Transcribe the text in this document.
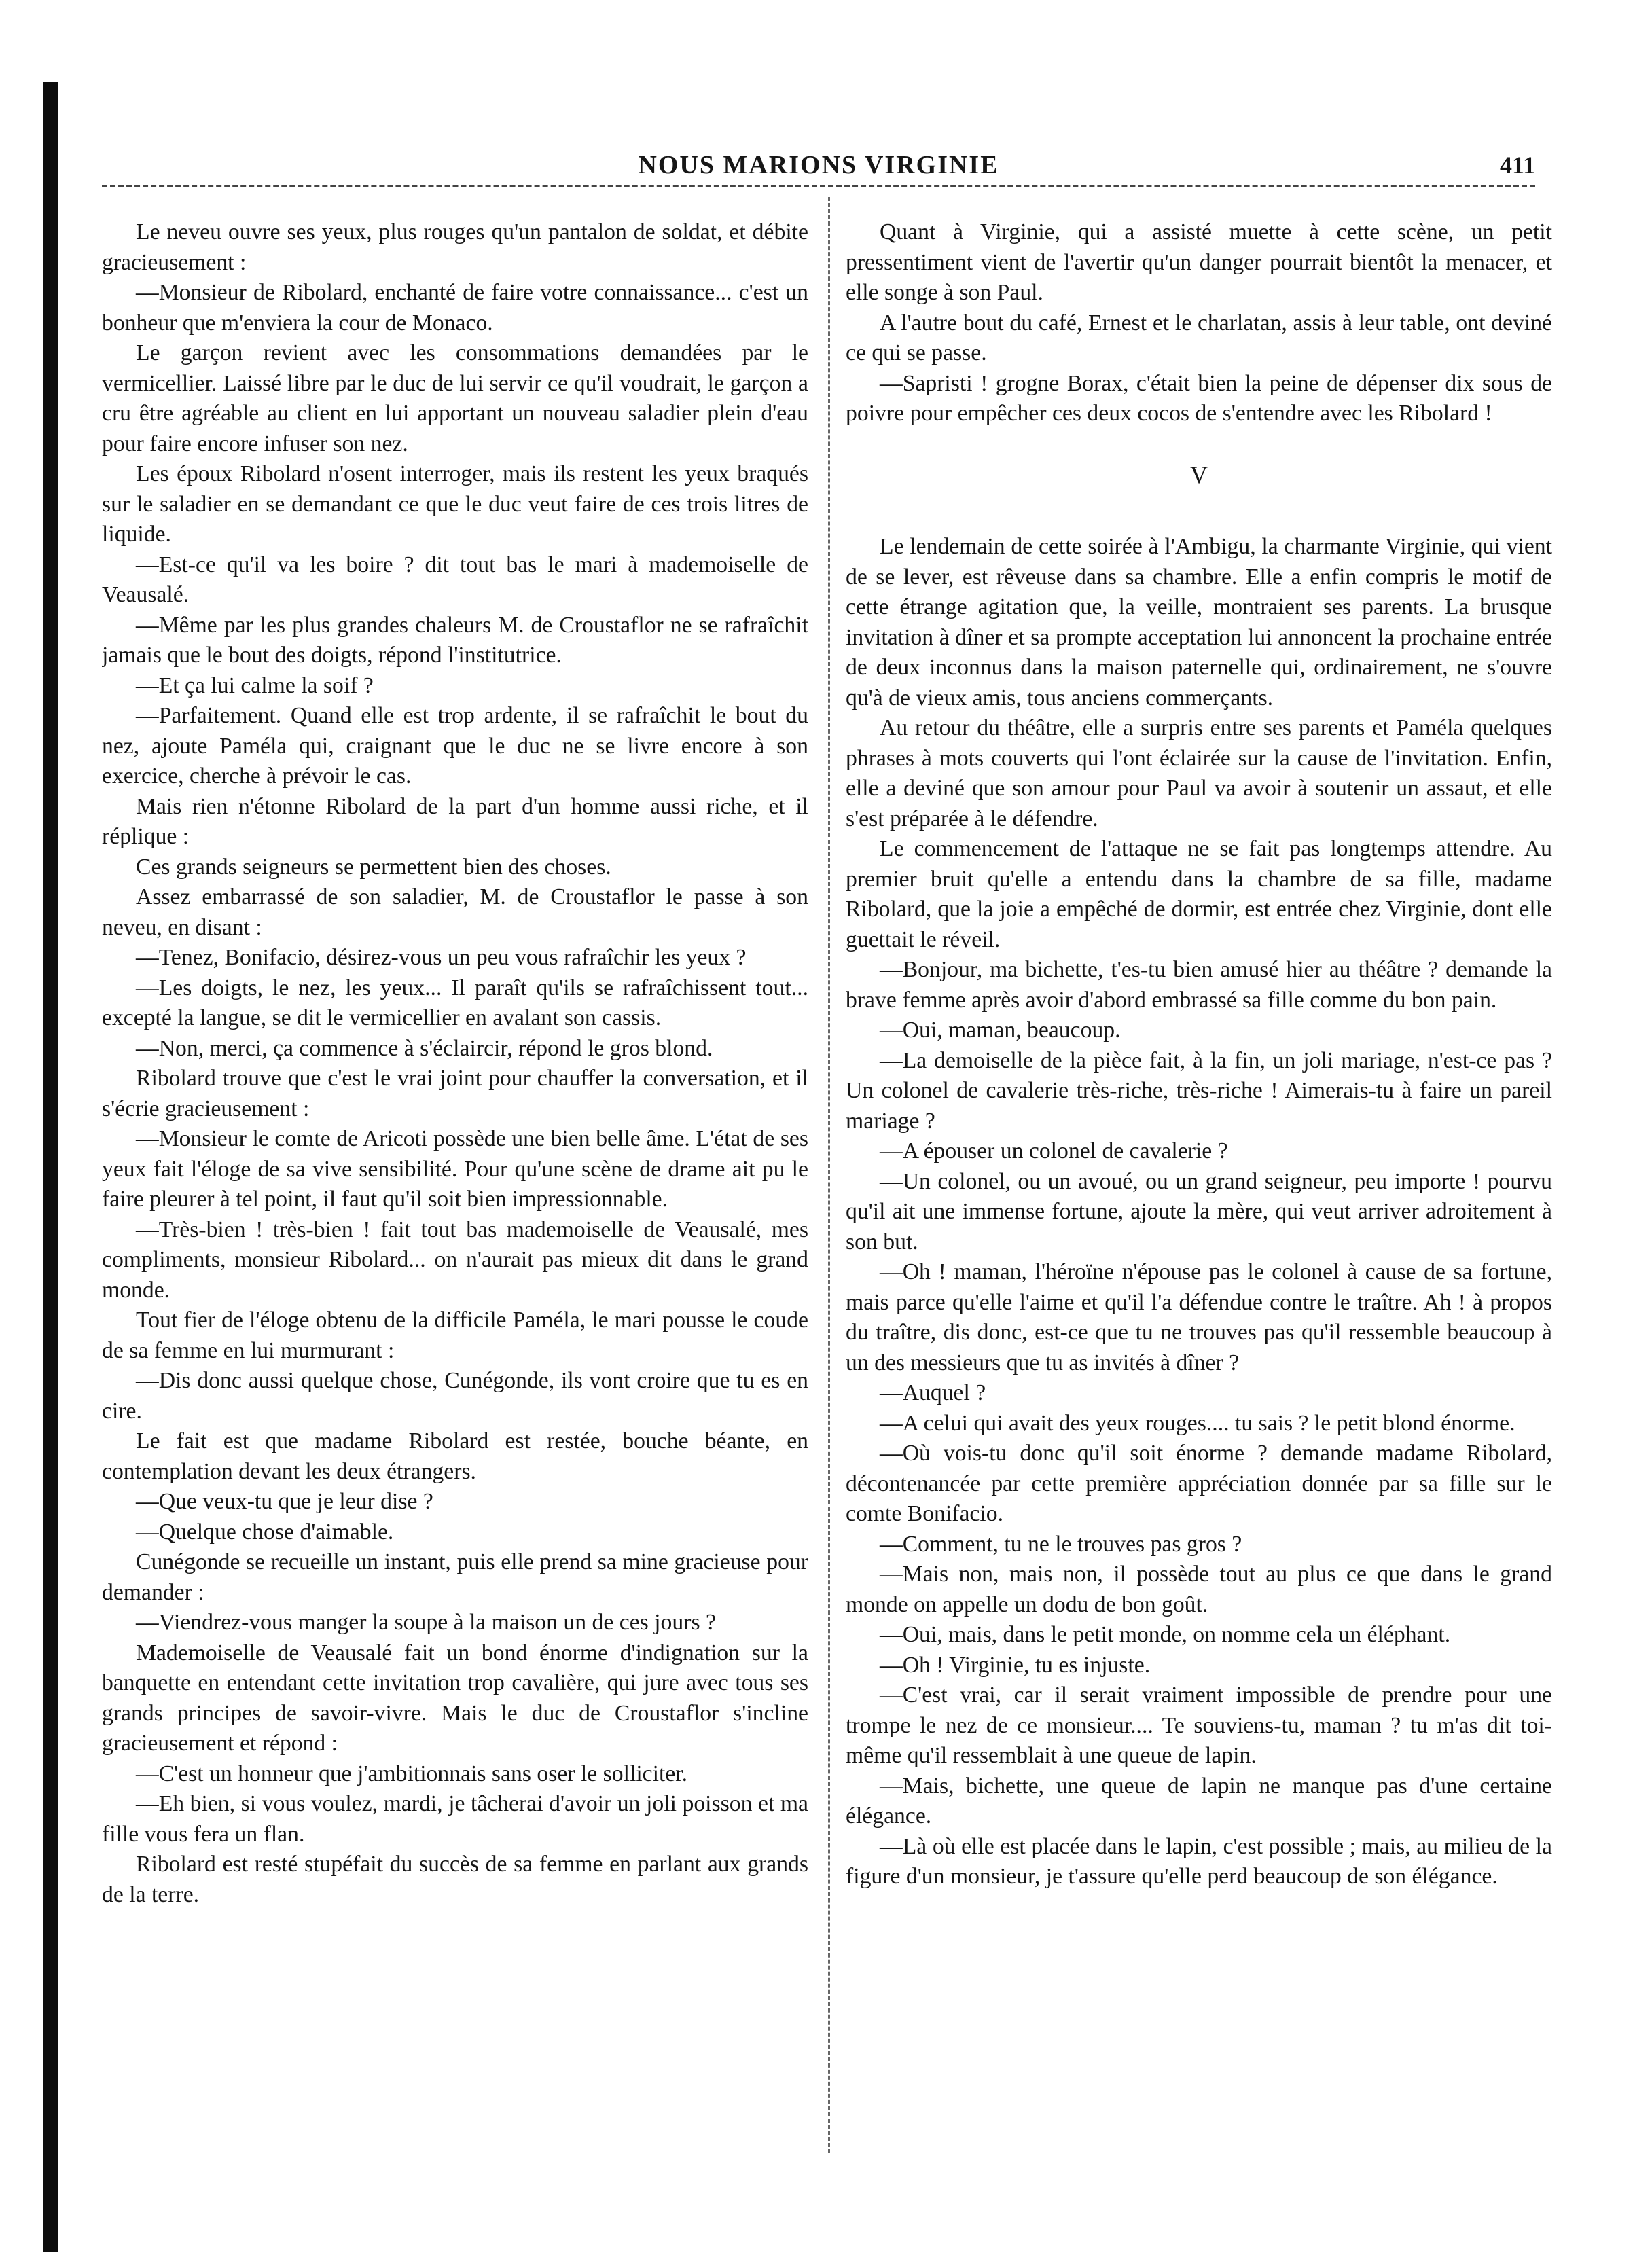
NOUS MARIONS VIRGINIE	411

Le neveu ouvre ses yeux, plus rouges qu'un pantalon de soldat, et débite gracieusement :

—Monsieur de Ribolard, enchanté de faire votre connaissance... c'est un bonheur que m'enviera la cour de Monaco.

Le garçon revient avec les consommations demandées par le vermicellier. Laissé libre par le duc de lui servir ce qu'il voudrait, le garçon a cru être agréable au client en lui apportant un nouveau saladier plein d'eau pour faire encore infuser son nez.

Les époux Ribolard n'osent interroger, mais ils restent les yeux braqués sur le saladier en se demandant ce que le duc veut faire de ces trois litres de liquide.

—Est-ce qu'il va les boire ? dit tout bas le mari à mademoiselle de Veausalé.

—Même par les plus grandes chaleurs M. de Croustaflor ne se rafraîchit jamais que le bout des doigts, répond l'institutrice.

—Et ça lui calme la soif ?

—Parfaitement. Quand elle est trop ardente, il se rafraîchit le bout du nez, ajoute Paméla qui, craignant que le duc ne se livre encore à son exercice, cherche à prévoir le cas.

Mais rien n'étonne Ribolard de la part d'un homme aussi riche, et il réplique :

Ces grands seigneurs se permettent bien des choses.

Assez embarrassé de son saladier, M. de Croustaflor le passe à son neveu, en disant :

—Tenez, Bonifacio, désirez-vous un peu vous rafraîchir les yeux ?

—Les doigts, le nez, les yeux... Il paraît qu'ils se rafraîchissent tout... excepté la langue, se dit le vermicellier en avalant son cassis.

—Non, merci, ça commence à s'éclaircir, répond le gros blond.

Ribolard trouve que c'est le vrai joint pour chauffer la conversation, et il s'écrie gracieusement :

—Monsieur le comte de Aricoti possède une bien belle âme. L'état de ses yeux fait l'éloge de sa vive sensibilité. Pour qu'une scène de drame ait pu le faire pleurer à tel point, il faut qu'il soit bien impressionnable.

—Très-bien ! très-bien ! fait tout bas mademoiselle de Veausalé, mes compliments, monsieur Ribolard... on n'aurait pas mieux dit dans le grand monde.

Tout fier de l'éloge obtenu de la difficile Paméla, le mari pousse le coude de sa femme en lui murmurant :

—Dis donc aussi quelque chose, Cunégonde, ils vont croire que tu es en cire.

Le fait est que madame Ribolard est restée, bouche béante, en contemplation devant les deux étrangers.

—Que veux-tu que je leur dise ?

—Quelque chose d'aimable.

Cunégonde se recueille un instant, puis elle prend sa mine gracieuse pour demander :

—Viendrez-vous manger la soupe à la maison un de ces jours ?

Mademoiselle de Veausalé fait un bond énorme d'indignation sur la banquette en entendant cette invitation trop cavalière, qui jure avec tous ses grands principes de savoir-vivre. Mais le duc de Croustaflor s'incline gracieusement et répond :

—C'est un honneur que j'ambitionnais sans oser le solliciter.

—Eh bien, si vous voulez, mardi, je tâcherai d'avoir un joli poisson et ma fille vous fera un flan.

Ribolard est resté stupéfait du succès de sa femme en parlant aux grands de la terre.

Quant à Virginie, qui a assisté muette à cette scène, un petit pressentiment vient de l'avertir qu'un danger pourrait bientôt la menacer, et elle songe à son Paul.

A l'autre bout du café, Ernest et le charlatan, assis à leur table, ont deviné ce qui se passe.

—Sapristi ! grogne Borax, c'était bien la peine de dépenser dix sous de poivre pour empêcher ces deux cocos de s'entendre avec les Ribolard !

V

Le lendemain de cette soirée à l'Ambigu, la charmante Virginie, qui vient de se lever, est rêveuse dans sa chambre. Elle a enfin compris le motif de cette étrange agitation que, la veille, montraient ses parents. La brusque invitation à dîner et sa prompte acceptation lui annoncent la prochaine entrée de deux inconnus dans la maison paternelle qui, ordinairement, ne s'ouvre qu'à de vieux amis, tous anciens commerçants.

Au retour du théâtre, elle a surpris entre ses parents et Paméla quelques phrases à mots couverts qui l'ont éclairée sur la cause de l'invitation. Enfin, elle a deviné que son amour pour Paul va avoir à soutenir un assaut, et elle s'est préparée à le défendre.

Le commencement de l'attaque ne se fait pas longtemps attendre. Au premier bruit qu'elle a entendu dans la chambre de sa fille, madame Ribolard, que la joie a empêché de dormir, est entrée chez Virginie, dont elle guettait le réveil.

—Bonjour, ma bichette, t'es-tu bien amusé hier au théâtre ? demande la brave femme après avoir d'abord embrassé sa fille comme du bon pain.

—Oui, maman, beaucoup.

—La demoiselle de la pièce fait, à la fin, un joli mariage, n'est-ce pas ? Un colonel de cavalerie très-riche, très-riche ! Aimerais-tu à faire un pareil mariage ?

—A épouser un colonel de cavalerie ?

—Un colonel, ou un avoué, ou un grand seigneur, peu importe ! pourvu qu'il ait une immense fortune, ajoute la mère, qui veut arriver adroitement à son but.

—Oh ! maman, l'héroïne n'épouse pas le colonel à cause de sa fortune, mais parce qu'elle l'aime et qu'il l'a défendue contre le traître. Ah ! à propos du traître, dis donc, est-ce que tu ne trouves pas qu'il ressemble beaucoup à un des messieurs que tu as invités à dîner ?

—Auquel ?

—A celui qui avait des yeux rouges.... tu sais ? le petit blond énorme.

—Où vois-tu donc qu'il soit énorme ? demande madame Ribolard, décontenancée par cette première appréciation donnée par sa fille sur le comte Bonifacio.

—Comment, tu ne le trouves pas gros ?

—Mais non, mais non, il possède tout au plus ce que dans le grand monde on appelle un dodu de bon goût.

—Oui, mais, dans le petit monde, on nomme cela un éléphant.

—Oh ! Virginie, tu es injuste.

—C'est vrai, car il serait vraiment impossible de prendre pour une trompe le nez de ce monsieur.... Te souviens-tu, maman ? tu m'as dit toi-même qu'il ressemblait à une queue de lapin.

—Mais, bichette, une queue de lapin ne manque pas d'une certaine élégance.

—Là où elle est placée dans le lapin, c'est possible ; mais, au milieu de la figure d'un monsieur, je t'assure qu'elle perd beaucoup de son élégance.
